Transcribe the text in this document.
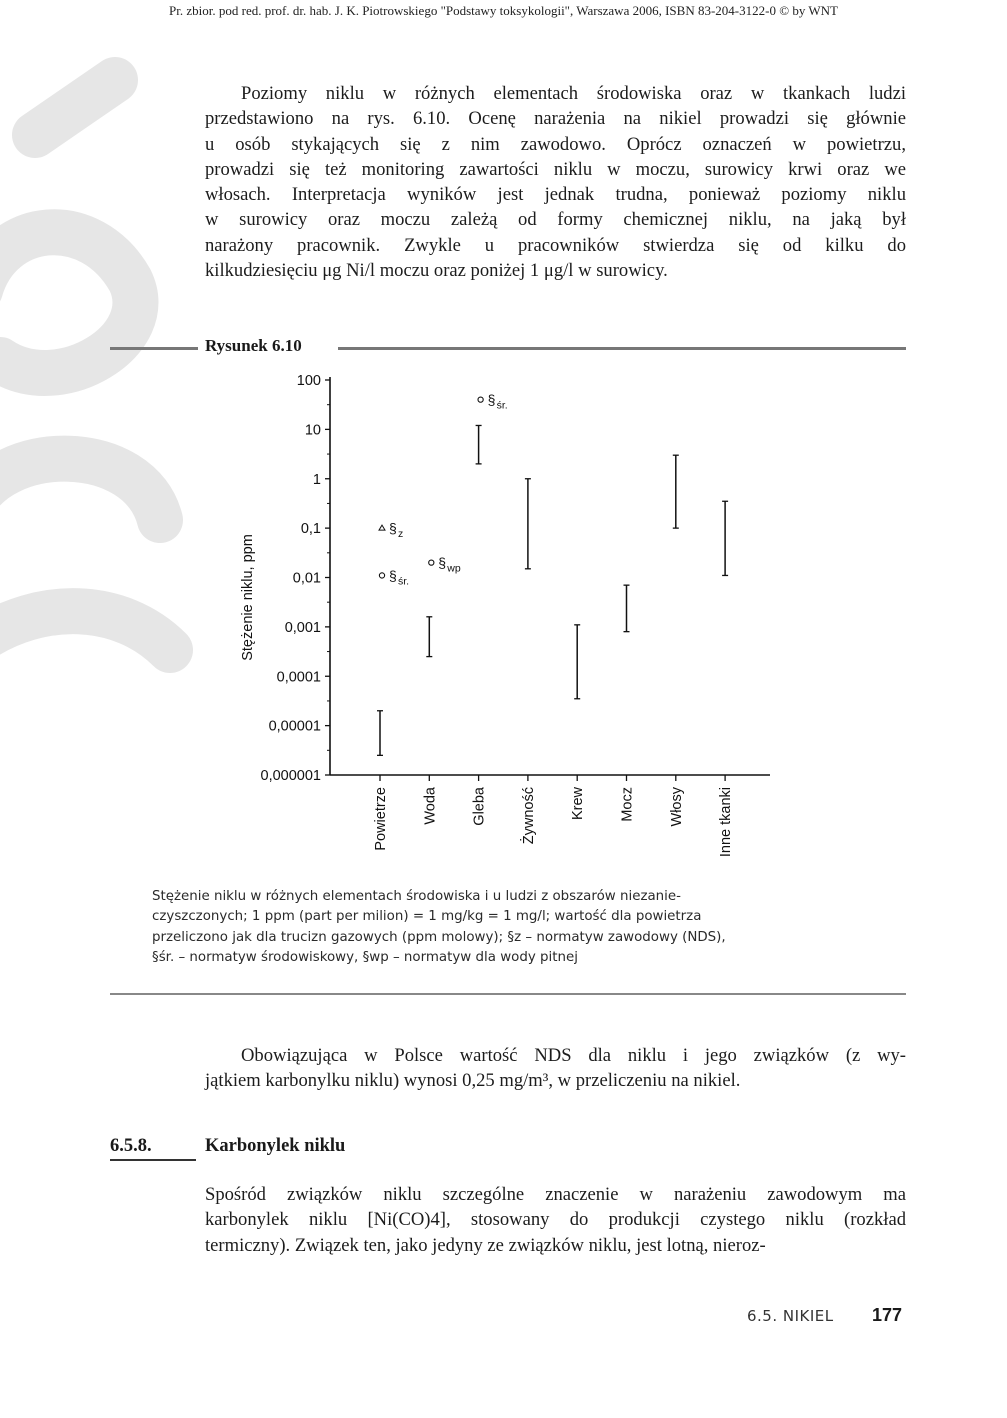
Pr. zbior. pod red. prof. dr. hab. J. K. Piotrowskiego "Podstawy toksykologii", Warszawa 2006, ISBN 83-204-3122-0 © by WNT
Poziomy niklu w różnych elementach środowiska oraz w tkankach ludzi
przedstawiono na rys. 6.10. Ocenę narażenia na nikiel prowadzi się głównie
u osób stykających się z nim zawodowo. Oprócz oznaczeń w powietrzu,
prowadzi się też monitoring zawartości niklu w moczu, surowicy krwi oraz we
włosach. Interpretacja wyników jest jednak trudna, ponieważ poziomy niklu
w surowicy oraz moczu zależą od formy chemicznej niklu, na jaką był
narażony pracownik. Zwykle u pracowników stwierdza się od kilku do
kilkudziesięciu μg Ni/l moczu oraz poniżej 1 μg/l w surowicy.
Rysunek 6.10
100
10
1
0,1
0,01
0,001
0,0001
0,00001
0,000001
Stężenie niklu, ppm
Powietrze Woda Gleba Żywność Krew Mocz Włosy Inne tkanki
§ z
§ śr.
§ wp
§ śr.
Stężenie niklu w różnych elementach środowiska i u ludzi z obszarów niezanie-
czyszczonych; 1 ppm (part per milion) = 1 mg/kg = 1 mg/l; wartość dla powietrza
przeliczono jak dla trucizn gazowych (ppm molowy); §z – normatyw zawodowy (NDS),
§śr. – normatyw środowiskowy, §wp – normatyw dla wody pitnej
Obowiązująca w Polsce wartość NDS dla niklu i jego związków (z wy-
jątkiem karbonylku niklu) wynosi 0,25 mg/m³, w przeliczeniu na nikiel.
6.5.8.	Karbonylek niklu
Spośród związków niklu szczególne znaczenie w narażeniu zawodowym ma
karbonylek niklu [Ni(CO)4], stosowany do produkcji czystego niklu (rozkład
termiczny). Związek ten, jako jedyny ze związków niklu, jest lotną, nieroz-
6.5. NIKIEL 177
